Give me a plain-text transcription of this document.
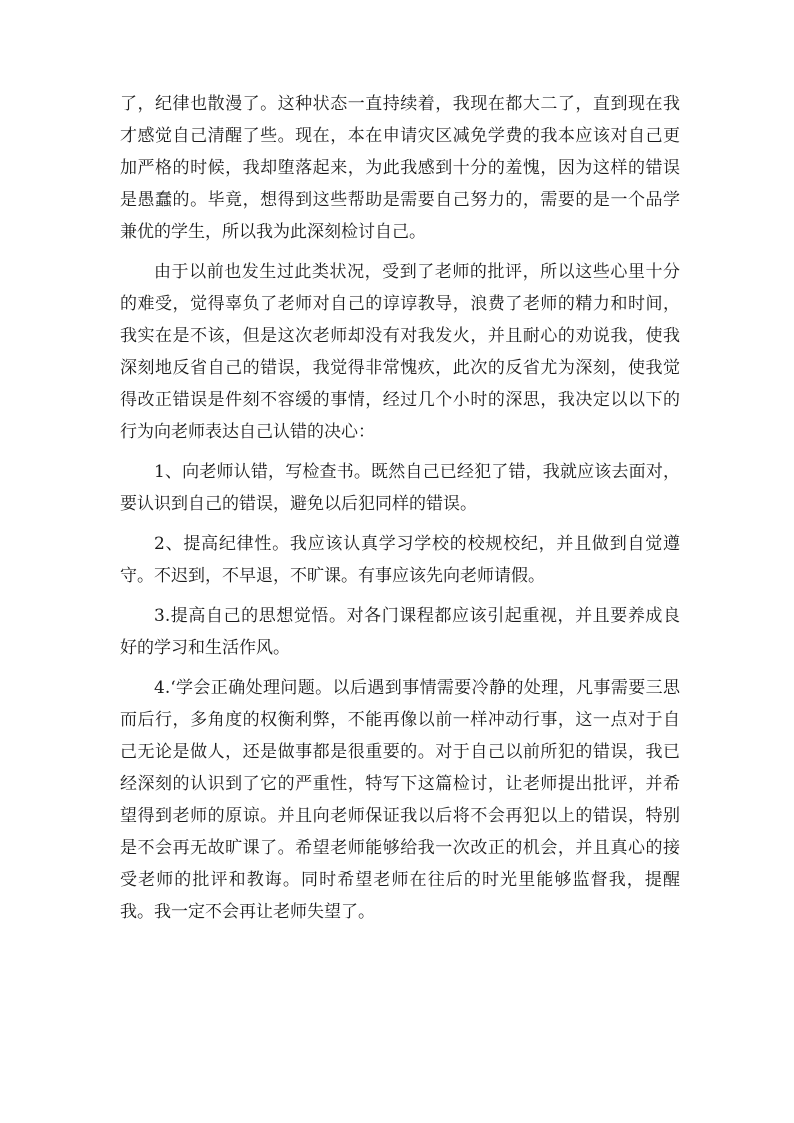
了，纪律也散漫了。这种状态一直持续着，我现在都大二了，直到现在我才感觉自己清醒了些。现在，本在申请灾区减免学费的我本应该对自己更加严格的时候，我却堕落起来，为此我感到十分的羞愧，因为这样的错误是愚蠢的。毕竟，想得到这些帮助是需要自己努力的，需要的是一个品学兼优的学生，所以我为此深刻检讨自己。

由于以前也发生过此类状况，受到了老师的批评，所以这些心里十分的难受，觉得辜负了老师对自己的谆谆教导，浪费了老师的精力和时间，我实在是不该，但是这次老师却没有对我发火，并且耐心的劝说我，使我深刻地反省自己的错误，我觉得非常愧疚，此次的反省尤为深刻，使我觉得改正错误是件刻不容缓的事情，经过几个小时的深思，我决定以以下的行为向老师表达自己认错的决心：

1、向老师认错，写检查书。既然自己已经犯了错，我就应该去面对，要认识到自己的错误，避免以后犯同样的错误。

2、提高纪律性。我应该认真学习学校的校规校纪，并且做到自觉遵守。不迟到，不早退，不旷课。有事应该先向老师请假。

3.提高自己的思想觉悟。对各门课程都应该引起重视，并且要养成良好的学习和生活作风。

4.‘学会正确处理问题。以后遇到事情需要冷静的处理，凡事需要三思而后行，多角度的权衡利弊，不能再像以前一样冲动行事，这一点对于自己无论是做人，还是做事都是很重要的。对于自己以前所犯的错误，我已经深刻的认识到了它的严重性，特写下这篇检讨，让老师提出批评，并希望得到老师的原谅。并且向老师保证我以后将不会再犯以上的错误，特别是不会再无故旷课了。希望老师能够给我一次改正的机会，并且真心的接受老师的批评和教诲。同时希望老师在往后的时光里能够监督我，提醒我。我一定不会再让老师失望了。
